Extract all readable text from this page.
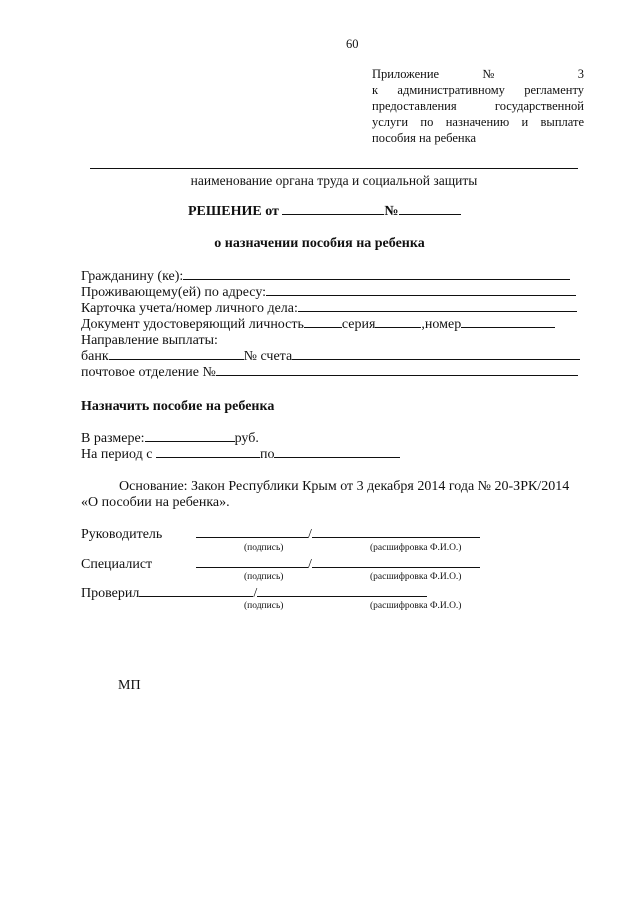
60
Приложение № 3
к административному регламенту
предоставления государственной
услуги по назначению и выплате
пособия на ребенка
наименование органа труда и социальной защиты
РЕШЕНИЕ от	№
о назначении пособия на ребенка
Гражданину (ке):
Проживающему(ей) по адресу:
Карточка учета/номер личного дела:
Документ удостоверяющий личность	серия	,номер
Направление выплаты:
банк	№ счета
почтовое отделение №
Назначить пособие на ребенка
В размере:	руб.
На период с	по
Основание: Закон Республики Крым от 3 декабря 2014 года № 20-ЗРК/2014
«О пособии на ребенка».
Руководитель	/
(подпись)	(расшифровка Ф.И.О.)
Специалист	/
(подпись)	(расшифровка Ф.И.О.)
Проверил	/
(подпись)	(расшифровка Ф.И.О.)
МП
